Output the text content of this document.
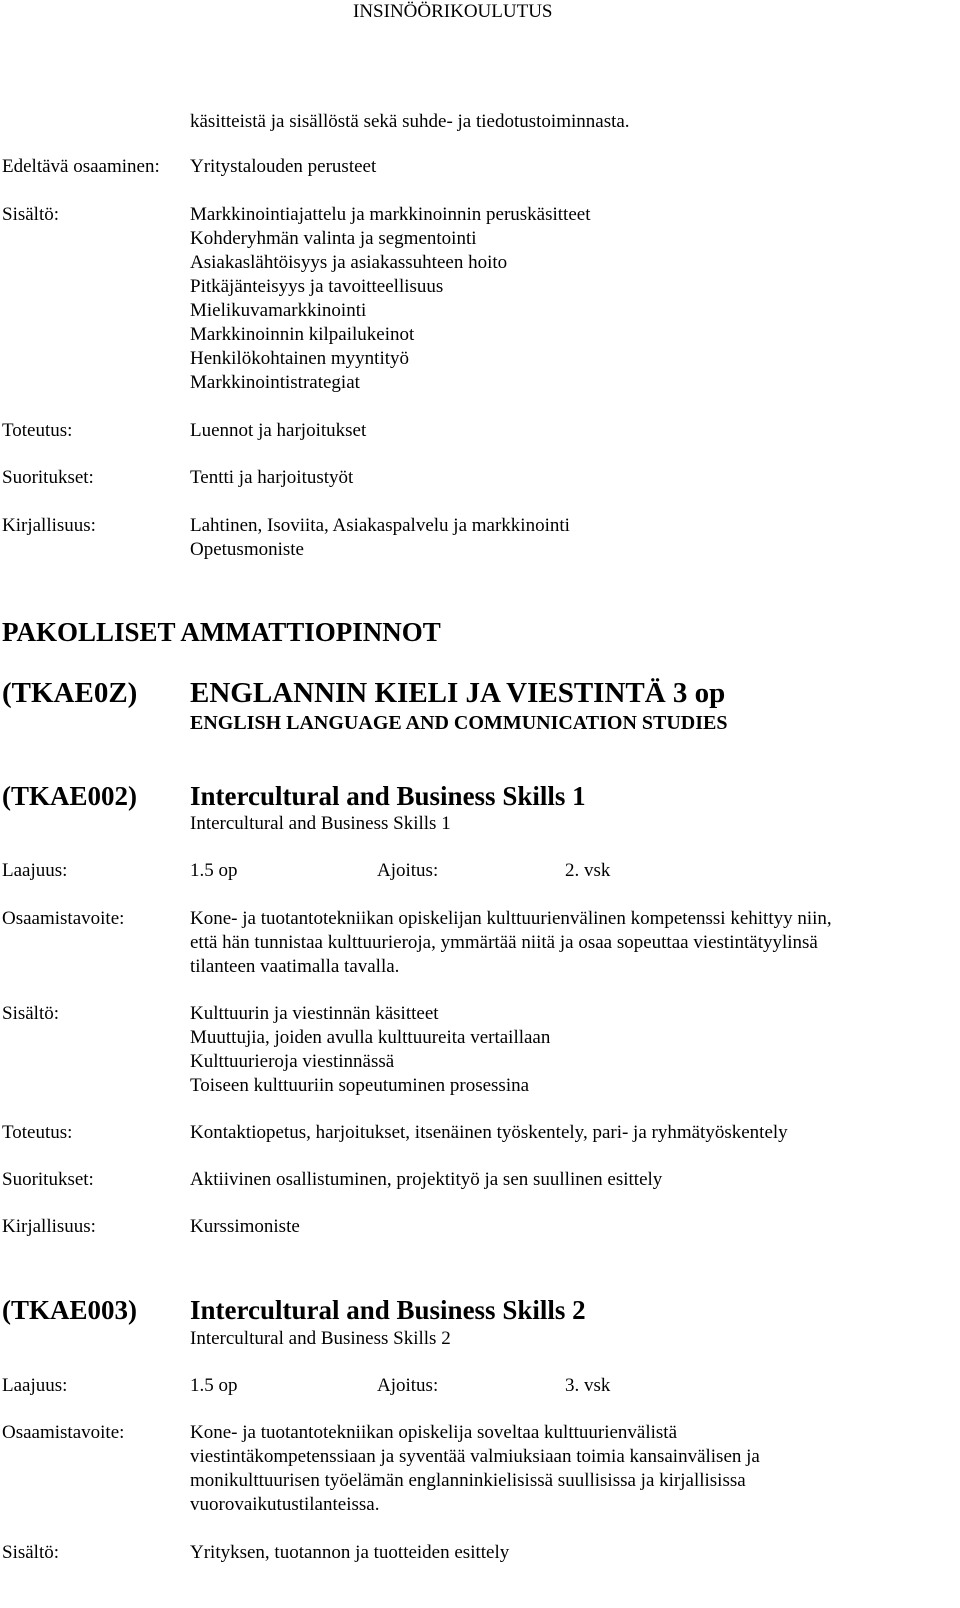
INSINÖÖRIKOULUTUS
käsitteistä ja sisällöstä sekä suhde- ja tiedotustoiminnasta.
Edeltävä osaaminen: Yritystalouden perusteet
Sisältö:	Markkinointiajattelu ja markkinoinnin peruskäsitteet
Kohderyhmän valinta ja segmentointi
Asiakaslähtöisyys ja asiakassuhteen hoito
Pitkäjänteisyys ja tavoitteellisuus
Mielikuvamarkkinointi
Markkinoinnin kilpailukeinot
Henkilökohtainen myyntityö
Markkinointistrategiat
Toteutus:	Luennot ja harjoitukset
Suoritukset:	Tentti ja harjoitustyöt
Kirjallisuus:	Lahtinen, Isoviita, Asiakaspalvelu ja markkinointi
Opetusmoniste
PAKOLLISET AMMATTIOPINNOT
(TKAE0Z) ENGLANNIN KIELI JA VIESTINTÄ 3 op
ENGLISH LANGUAGE AND COMMUNICATION STUDIES
(TKAE002) Intercultural and Business Skills 1
Intercultural and Business Skills 1
Laajuus:	1.5 op	Ajoitus:	2. vsk
Osaamistavoite:	Kone- ja tuotantotekniikan opiskelijan kulttuurienvälinen kompetenssi kehittyy niin,
että hän tunnistaa kulttuurieroja, ymmärtää niitä ja osaa sopeuttaa viestintätyylinsä
tilanteen vaatimalla tavalla.
Sisältö:	Kulttuurin ja viestinnän käsitteet
Muuttujia, joiden avulla kulttuureita vertaillaan
Kulttuurieroja viestinnässä
Toiseen kulttuuriin sopeutuminen prosessina
Toteutus:	Kontaktiopetus, harjoitukset, itsenäinen työskentely, pari- ja ryhmätyöskentely
Suoritukset:	Aktiivinen osallistuminen, projektityö ja sen suullinen esittely
Kirjallisuus:	Kurssimoniste
(TKAE003) Intercultural and Business Skills 2
Intercultural and Business Skills 2
Laajuus:	1.5 op	Ajoitus:	3. vsk
Osaamistavoite:	Kone- ja tuotantotekniikan opiskelija soveltaa kulttuurienvälistä
viestintäkompetenssiaan ja syventää valmiuksiaan toimia kansainvälisen ja
monikulttuurisen työelämän englanninkielisissä suullisissa ja kirjallisissa
vuorovaikutustilanteissa.
Sisältö:	Yrityksen, tuotannon ja tuotteiden esittely
